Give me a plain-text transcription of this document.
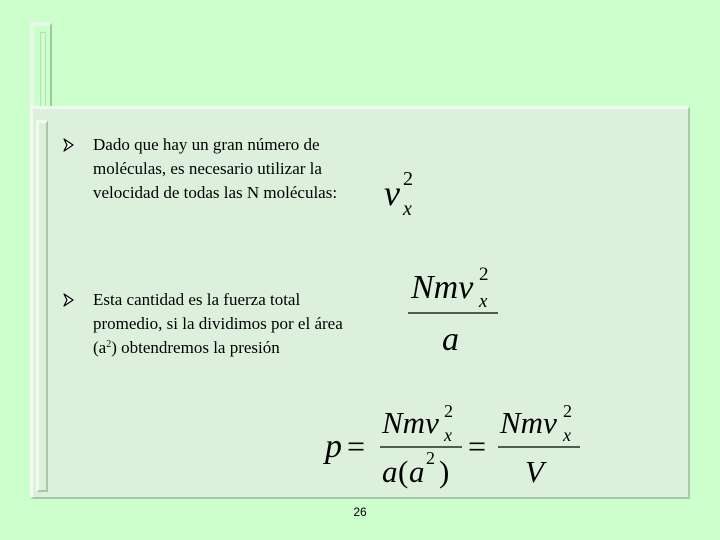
Dado que hay un gran número de moléculas, es necesario utilizar la velocidad de todas las N moléculas:
Esta cantidad es la fuerza total promedio, si la dividimos por el área $(a^2)$ obtendremos la presión
v 2
x
Nmv 2
x
a
p =
Nmv 2
x
a ( a 2 )
=
Nmv 2
x
V
26
